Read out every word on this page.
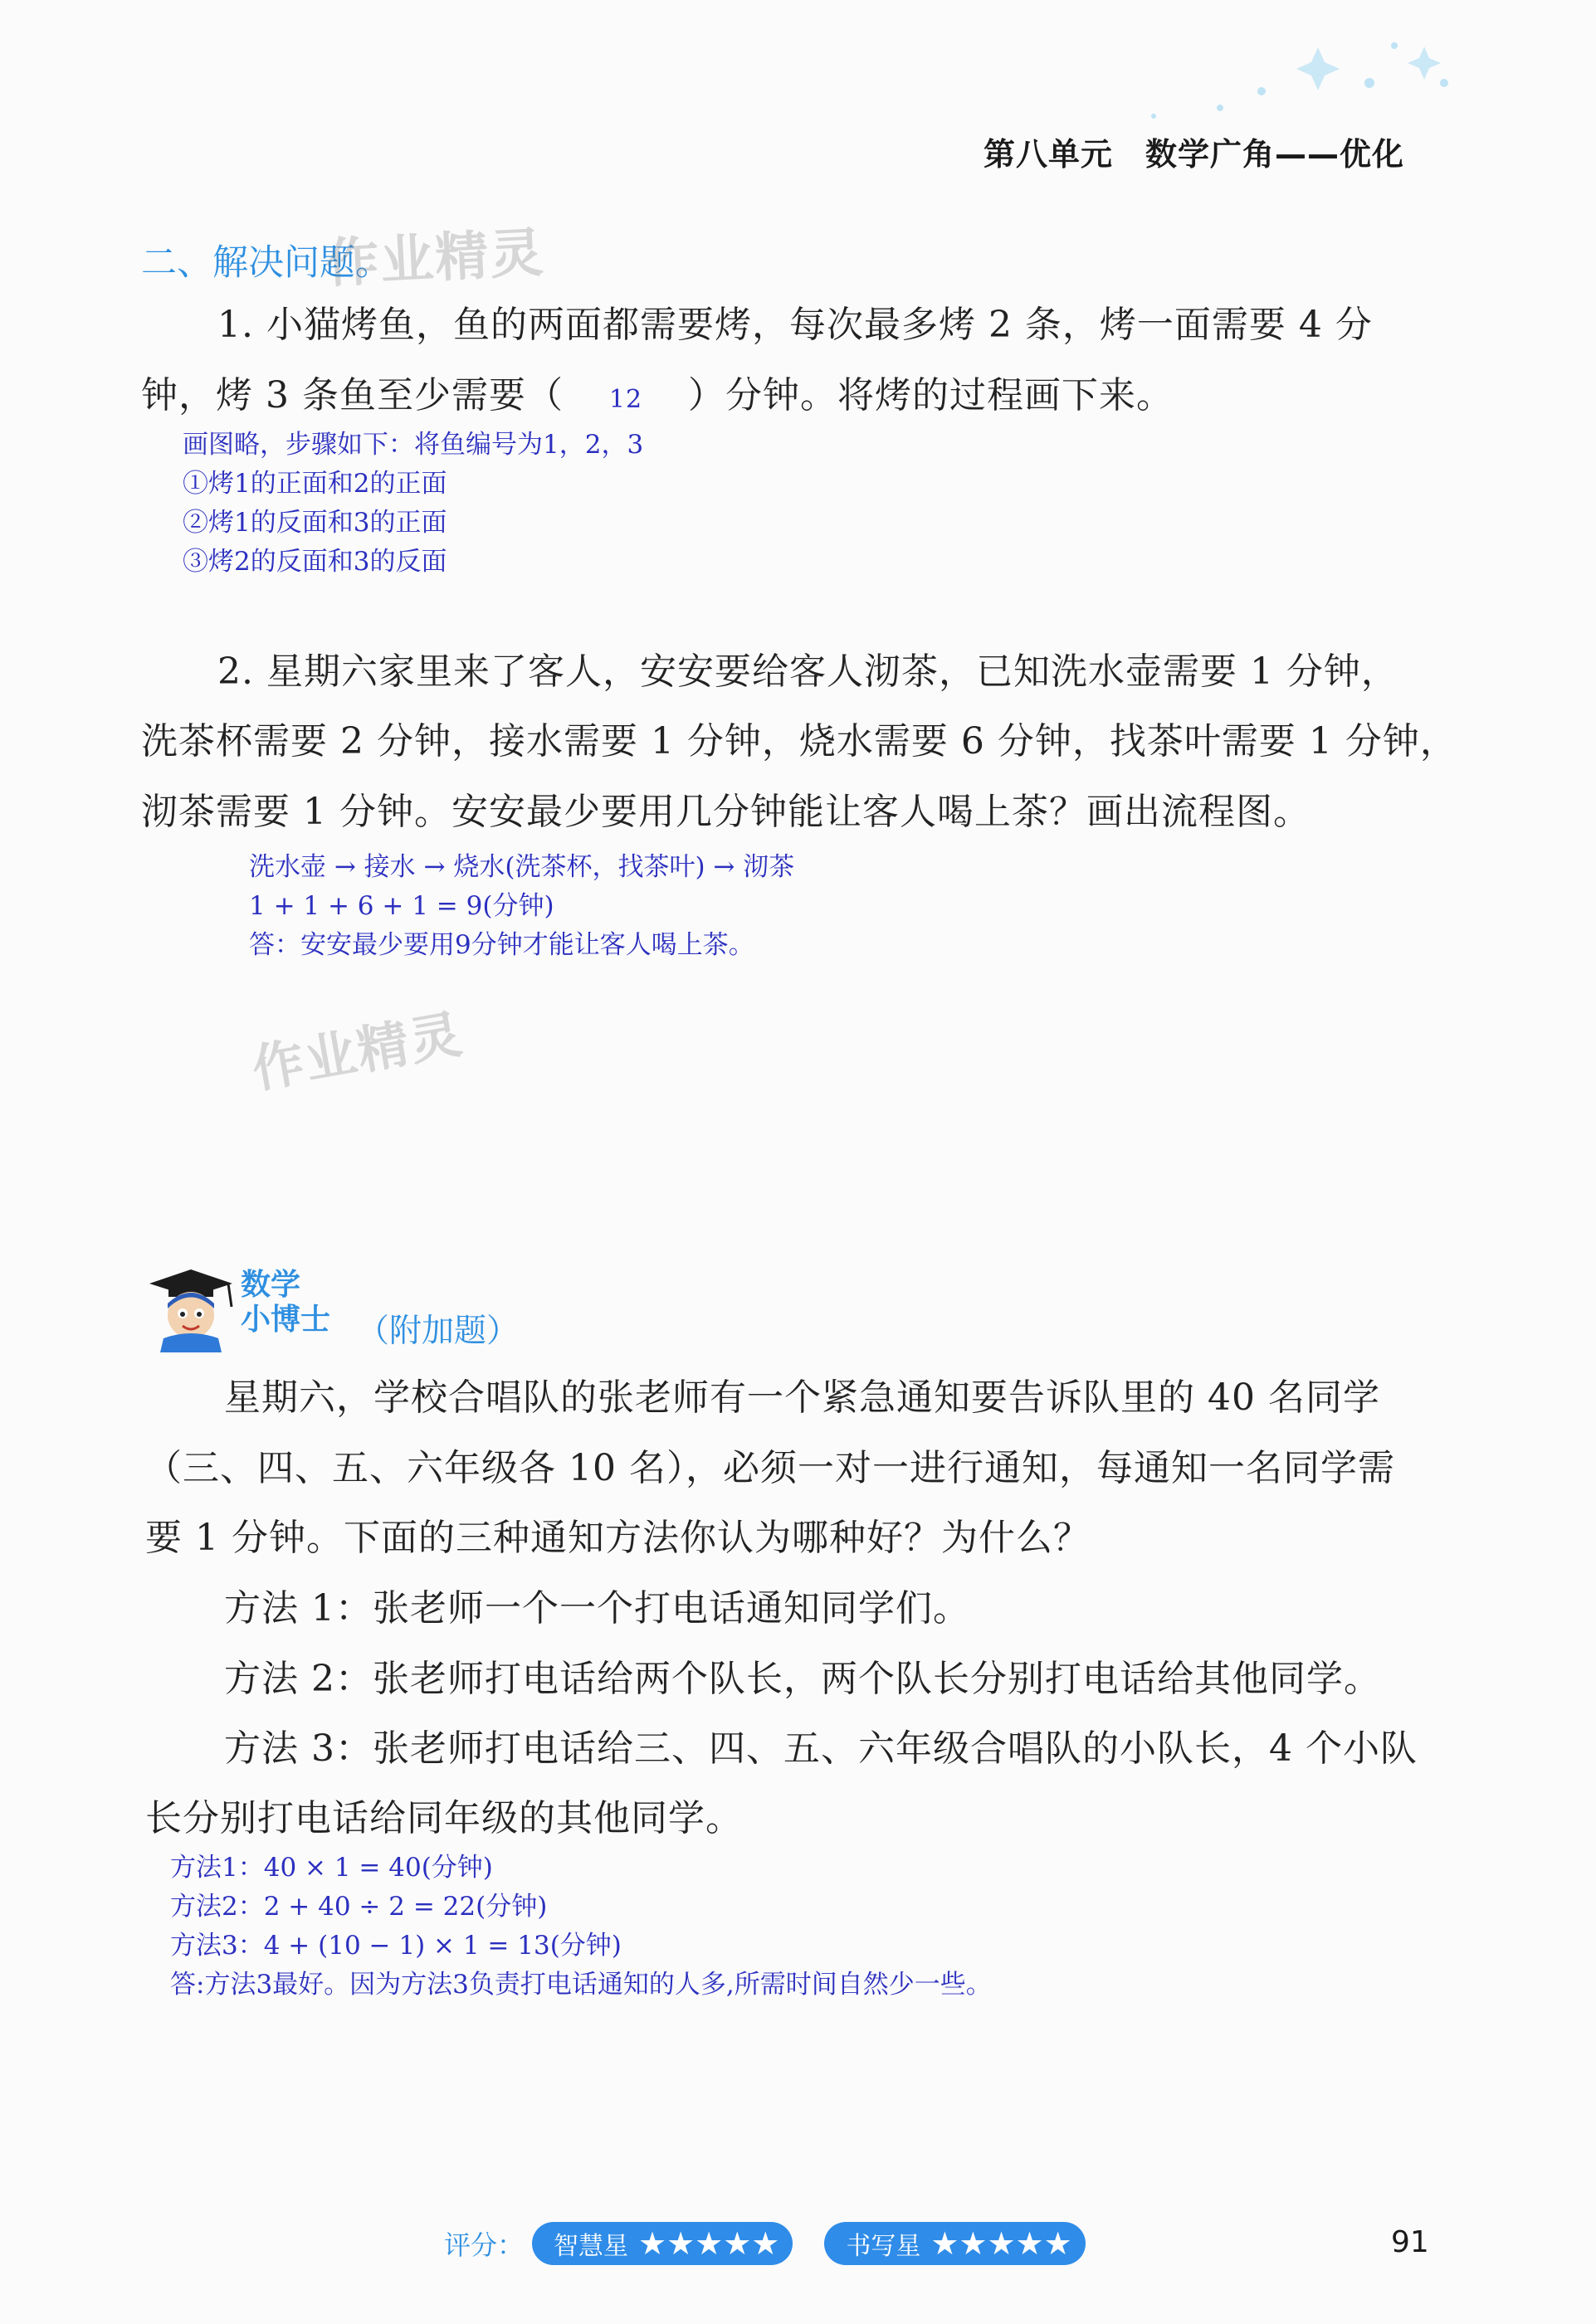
第八单元　数学广角——优化
二、解决问题。
作业精灵
1. 小猫烤鱼，鱼的两面都需要烤，每次最多烤 2 条，烤一面需要 4 分
钟，烤 3 条鱼至少需要（ 12 ）分钟。将烤的过程画下来。
画图略，步骤如下：将鱼编号为1，2，3
①烤1的正面和2的正面
②烤1的反面和3的正面
③烤2的反面和3的反面
2. 星期六家里来了客人，安安要给客人沏茶，已知洗水壶需要 1 分钟，
洗茶杯需要 2 分钟，接水需要 1 分钟，烧水需要 6 分钟，找茶叶需要 1 分钟，
沏茶需要 1 分钟。安安最少要用几分钟能让客人喝上茶？画出流程图。
洗水壶 → 接水 → 烧水(洗茶杯，找茶叶) → 沏茶
1 + 1 + 6 + 1 = 9(分钟)
答：安安最少要用9分钟才能让客人喝上茶。
作业精灵
数学
小博士 （附加题）
星期六，学校合唱队的张老师有一个紧急通知要告诉队里的 40 名同学
（三、四、五、六年级各 10 名），必须一对一进行通知，每通知一名同学需
要 1 分钟。下面的三种通知方法你认为哪种好？为什么？
方法 1：张老师一个一个打电话通知同学们。
方法 2：张老师打电话给两个队长，两个队长分别打电话给其他同学。
方法 3：张老师打电话给三、四、五、六年级合唱队的小队长，4 个小队
长分别打电话给同年级的其他同学。
方法1：40 × 1 = 40(分钟)
方法2：2 + 40 ÷ 2 = 22(分钟)
方法3：4 + (10 − 1) × 1 = 13(分钟)
答:方法3最好。因为方法3负责打电话通知的人多,所需时间自然少一些。
评分： 智慧星 ★★★★★	书写星 ★★★★★	91
